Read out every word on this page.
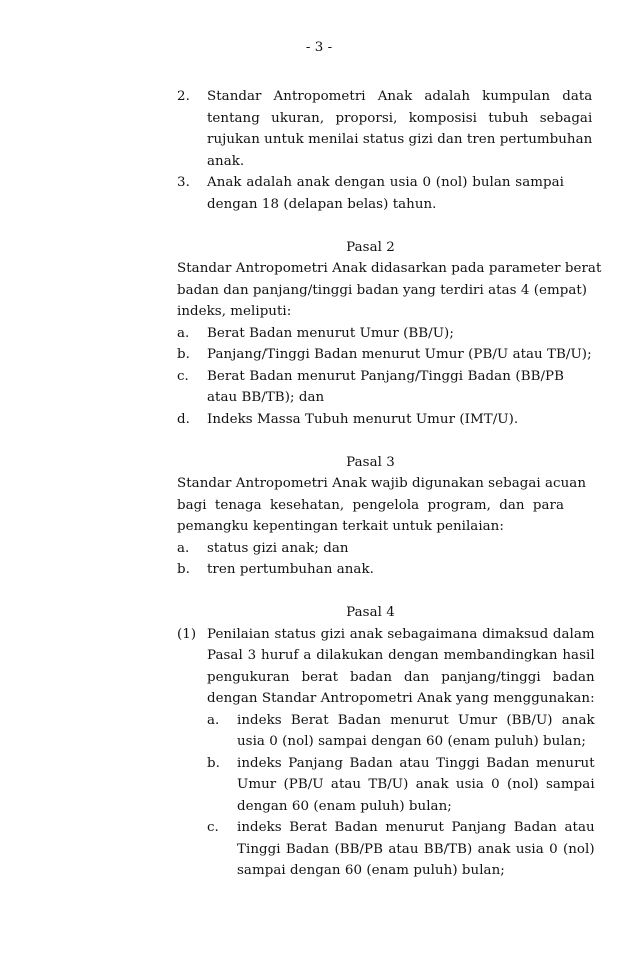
- 3 -
2.	Standar Antropometri Anak adalah kumpulan data
tentang ukuran, proporsi, komposisi tubuh sebagai
rujukan untuk menilai status gizi dan tren pertumbuhan
anak.
3.	Anak adalah anak dengan usia 0 (nol) bulan sampai
dengan 18 (delapan belas) tahun.
Pasal 2
Standar Antropometri Anak didasarkan pada parameter berat
badan dan panjang/tinggi badan yang terdiri atas 4 (empat)
indeks, meliputi:
a.	Berat Badan menurut Umur (BB/U);
b.	Panjang/Tinggi Badan menurut Umur (PB/U atau TB/U);
c.	Berat Badan menurut Panjang/Tinggi Badan (BB/PB
atau BB/TB); dan
d.	Indeks Massa Tubuh menurut Umur (IMT/U).
Pasal 3
Standar Antropometri Anak wajib digunakan sebagai acuan
bagi tenaga kesehatan, pengelola program, dan para
pemangku kepentingan terkait untuk penilaian:
a.	status gizi anak; dan
b.	tren pertumbuhan anak.
Pasal 4
(1) Penilaian status gizi anak sebagaimana dimaksud dalam
Pasal 3 huruf a dilakukan dengan membandingkan hasil
pengukuran berat badan dan panjang/tinggi badan
dengan Standar Antropometri Anak yang menggunakan:
a.	indeks Berat Badan menurut Umur (BB/U) anak
usia 0 (nol) sampai dengan 60 (enam puluh) bulan;
b.	indeks Panjang Badan atau Tinggi Badan menurut
Umur (PB/U atau TB/U) anak usia 0 (nol) sampai
dengan 60 (enam puluh) bulan;
c.	indeks Berat Badan menurut Panjang Badan atau
Tinggi Badan (BB/PB atau BB/TB) anak usia 0 (nol)
sampai dengan 60 (enam puluh) bulan;
